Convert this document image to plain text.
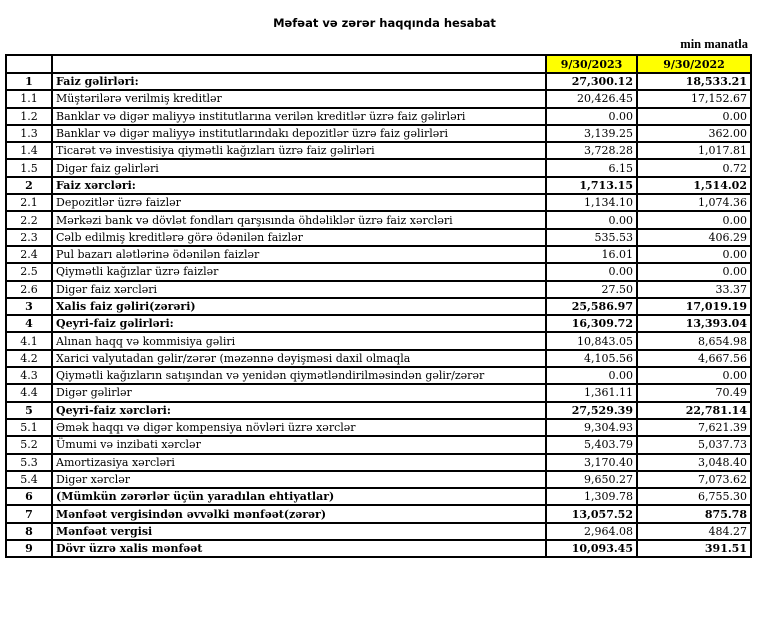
Məfəat və zərər haqqında hesabat
min manatla
		9/30/2023	9/30/2022
1	Faiz gəlirləri:	27,300.12	18,533.21
1.1	Müştərilərə verilmiş kreditlər	20,426.45	17,152.67
1.2	Banklar və digər maliyyə institutlarına verilən kreditlər üzrə faiz gəlirləri	0.00	0.00
1.3	Banklar və digər maliyyə institutlarındakı depozitlər üzrə faiz gəlirləri	3,139.25	362.00
1.4	Ticarət və investisiya qiymətli kağızları üzrə faiz gəlirləri	3,728.28	1,017.81
1.5	Digər faiz gəlirləri	6.15	0.72
2	Faiz xərcləri:	1,713.15	1,514.02
2.1	Depozitlər üzrə faizlər	1,134.10	1,074.36
2.2	Mərkəzi bank və dövlət fondları qarşısında öhdəliklər üzrə faiz xərcləri	0.00	0.00
2.3	Cəlb edilmiş kreditlərə görə ödənilən faizlər	535.53	406.29
2.4	Pul bazarı alətlərinə ödənilən faizlər	16.01	0.00
2.5	Qiymətli kağızlar üzrə faizlər	0.00	0.00
2.6	Digər faiz xərcləri	27.50	33.37
3	Xalis faiz gəliri(zərəri)	25,586.97	17,019.19
4	Qeyri-faiz gəlirləri:	16,309.72	13,393.04
4.1	Alınan haqq və kommisiya gəliri	10,843.05	8,654.98
4.2	Xarici valyutadan gəlir/zərər (məzənnə dəyişməsi daxil olmaqla	4,105.56	4,667.56
4.3	Qiymətli kağızların satışından və yenidən qiymətləndirilməsindən gəlir/zərər	0.00	0.00
4.4	Digər gəlirlər	1,361.11	70.49
5	Qeyri-faiz xərcləri:	27,529.39	22,781.14
5.1	Əmək haqqı və digər kompensiya növləri üzrə xərclər	9,304.93	7,621.39
5.2	Ümumi və inzibati xərclər	5,403.79	5,037.73
5.3	Amortizasiya xərcləri	3,170.40	3,048.40
5.4	Digər xərclər	9,650.27	7,073.62
6	(Mümkün zərərlər üçün yaradılan ehtiyatlar)	1,309.78	6,755.30
7	Mənfəət vergisindən əvvəlki mənfəət(zərər)	13,057.52	875.78
8	Mənfəət vergisi	2,964.08	484.27
9	Dövr üzrə xalis mənfəət	10,093.45	391.51
